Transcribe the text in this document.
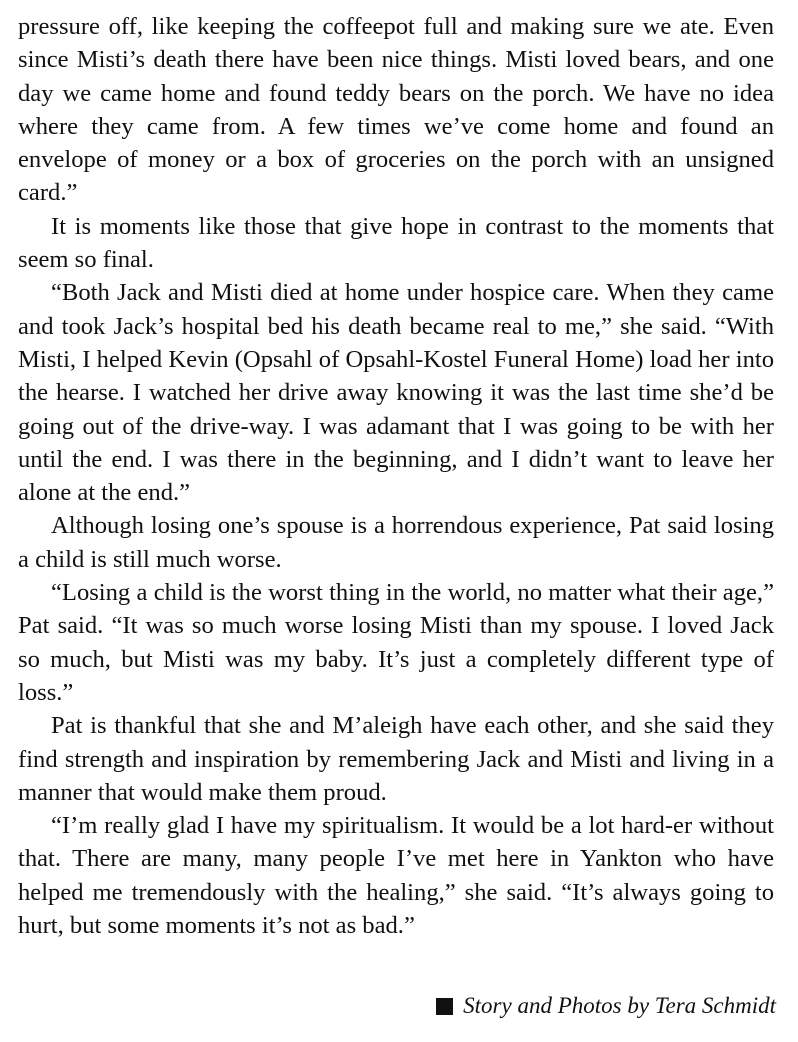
pressure off, like keeping the coffeepot full and making sure we ate. Even since Misti’s death there have been nice things. Misti loved bears, and one day we came home and found teddy bears on the porch. We have no idea where they came from. A few times we’ve come home and found an envelope of money or a box of groceries on the porch with an unsigned card.”

It is moments like those that give hope in contrast to the moments that seem so final.

“Both Jack and Misti died at home under hospice care. When they came and took Jack’s hospital bed his death became real to me,” she said. “With Misti, I helped Kevin (Opsahl of Opsahl-Kostel Funeral Home) load her into the hearse. I watched her drive away knowing it was the last time she’d be going out of the drive-way. I was adamant that I was going to be with her until the end. I was there in the beginning, and I didn’t want to leave her alone at the end.”

Although losing one’s spouse is a horrendous experience, Pat said losing a child is still much worse.

“Losing a child is the worst thing in the world, no matter what their age,” Pat said. “It was so much worse losing Misti than my spouse. I loved Jack so much, but Misti was my baby. It’s just a completely different type of loss.”

Pat is thankful that she and M’aleigh have each other, and she said they find strength and inspiration by remembering Jack and Misti and living in a manner that would make them proud.

“I’m really glad I have my spiritualism. It would be a lot hard-er without that. There are many, many people I’ve met here in Yankton who have helped me tremendously with the healing,” she said. “It’s always going to hurt, but some moments it’s not as bad.”

Story and Photos by Tera Schmidt
